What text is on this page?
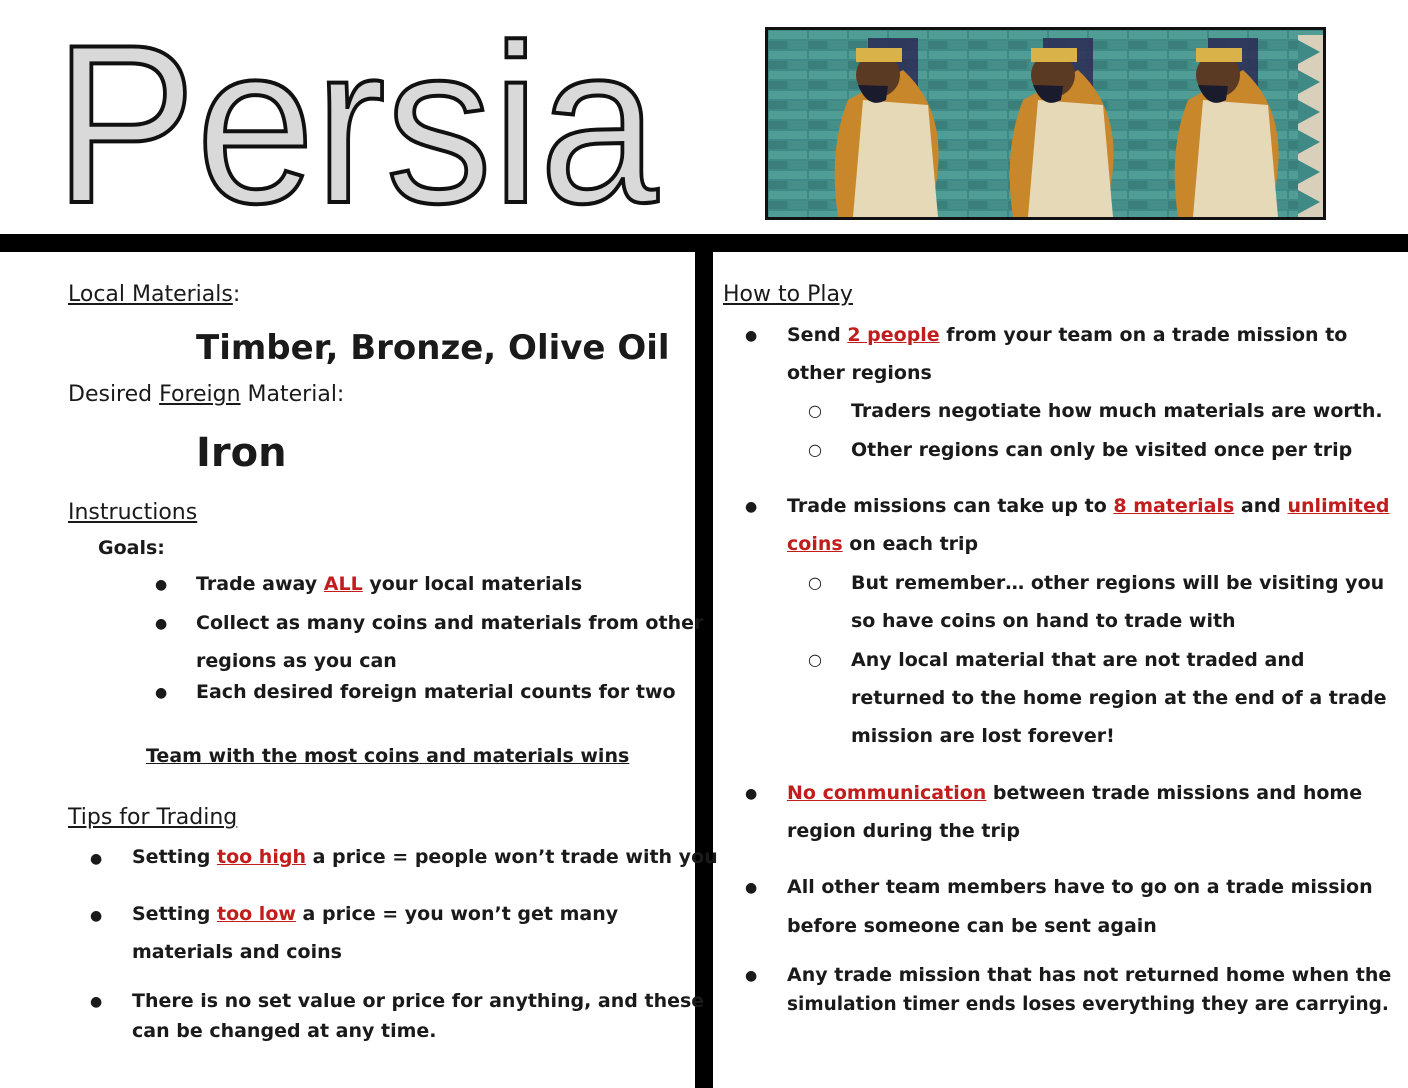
Persia
Local Materials:
Timber, Bronze, Olive Oil
Desired Foreign Material:
Iron
Instructions
Goals:
● Trade away ALL your local materials
● Collect as many coins and materials from other
regions as you can
● Each desired foreign material counts for two
Team with the most coins and materials wins
Tips for Trading
● Setting too high a price = people won’t trade with you
● Setting too low a price = you won’t get many
materials and coins
● There is no set value or price for anything, and these
can be changed at any time.
How to Play
● Send 2 people from your team on a trade mission to
other regions
○ Traders negotiate how much materials are worth.
○ Other regions can only be visited once per trip
● Trade missions can take up to 8 materials and unlimited
coins on each trip
○ But remember… other regions will be visiting you
so have coins on hand to trade with
○ Any local material that are not traded and
returned to the home region at the end of a trade
mission are lost forever!
● No communication between trade missions and home
region during the trip
● All other team members have to go on a trade mission
before someone can be sent again
● Any trade mission that has not returned home when the
simulation timer ends loses everything they are carrying.
